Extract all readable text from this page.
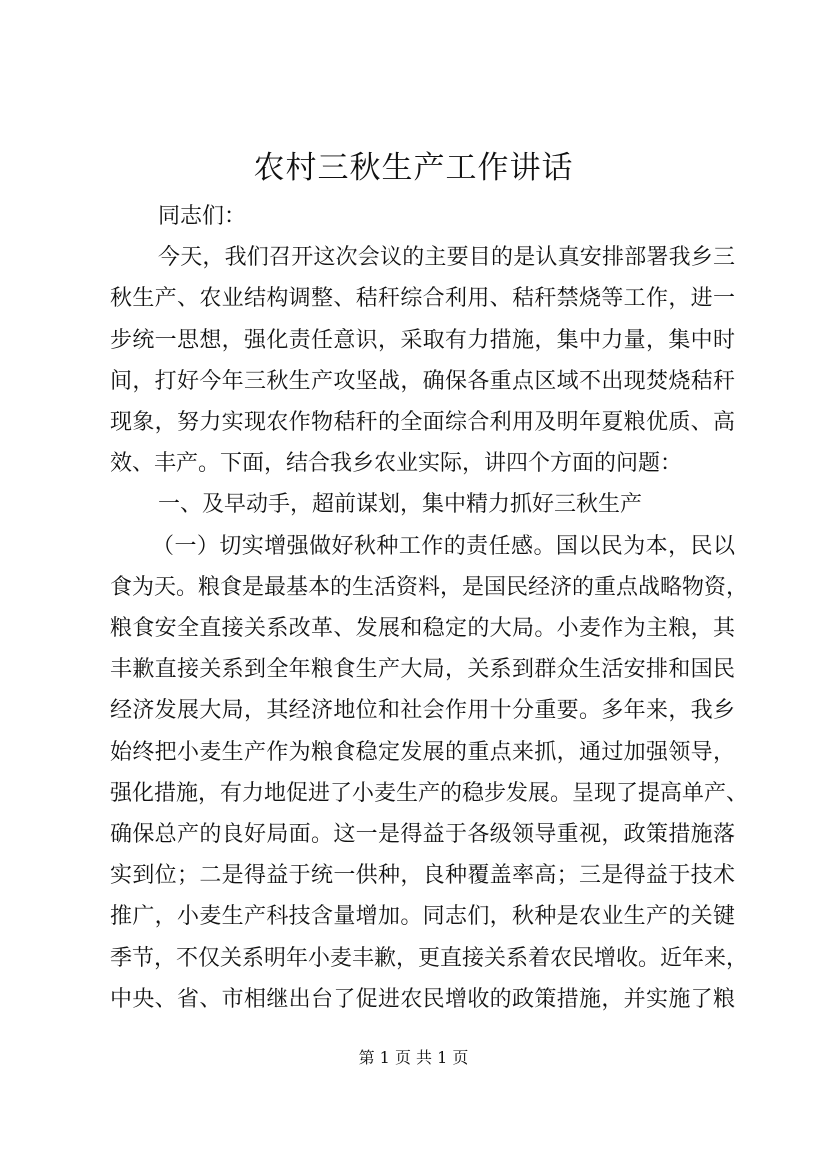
农村三秋生产工作讲话

同志们：

今天，我们召开这次会议的主要目的是认真安排部署我乡三
秋生产、农业结构调整、秸秆综合利用、秸秆禁烧等工作，进一
步统一思想，强化责任意识，采取有力措施，集中力量，集中时
间，打好今年三秋生产攻坚战，确保各重点区域不出现焚烧秸秆
现象，努力实现农作物秸秆的全面综合利用及明年夏粮优质、高
效、丰产。下面，结合我乡农业实际，讲四个方面的问题：

一、及早动手，超前谋划，集中精力抓好三秋生产

（一）切实增强做好秋种工作的责任感。国以民为本，民以
食为天。粮食是最基本的生活资料，是国民经济的重点战略物资，
粮食安全直接关系改革、发展和稳定的大局。小麦作为主粮，其
丰歉直接关系到全年粮食生产大局，关系到群众生活安排和国民
经济发展大局，其经济地位和社会作用十分重要。多年来，我乡
始终把小麦生产作为粮食稳定发展的重点来抓，通过加强领导，
强化措施，有力地促进了小麦生产的稳步发展。呈现了提高单产、
确保总产的良好局面。这一是得益于各级领导重视，政策措施落
实到位；二是得益于统一供种，良种覆盖率高；三是得益于技术
推广，小麦生产科技含量增加。同志们，秋种是农业生产的关键
季节，不仅关系明年小麦丰歉，更直接关系着农民增收。近年来，
中央、省、市相继出台了促进农民增收的政策措施，并实施了粮

第 1 页 共 1 页
